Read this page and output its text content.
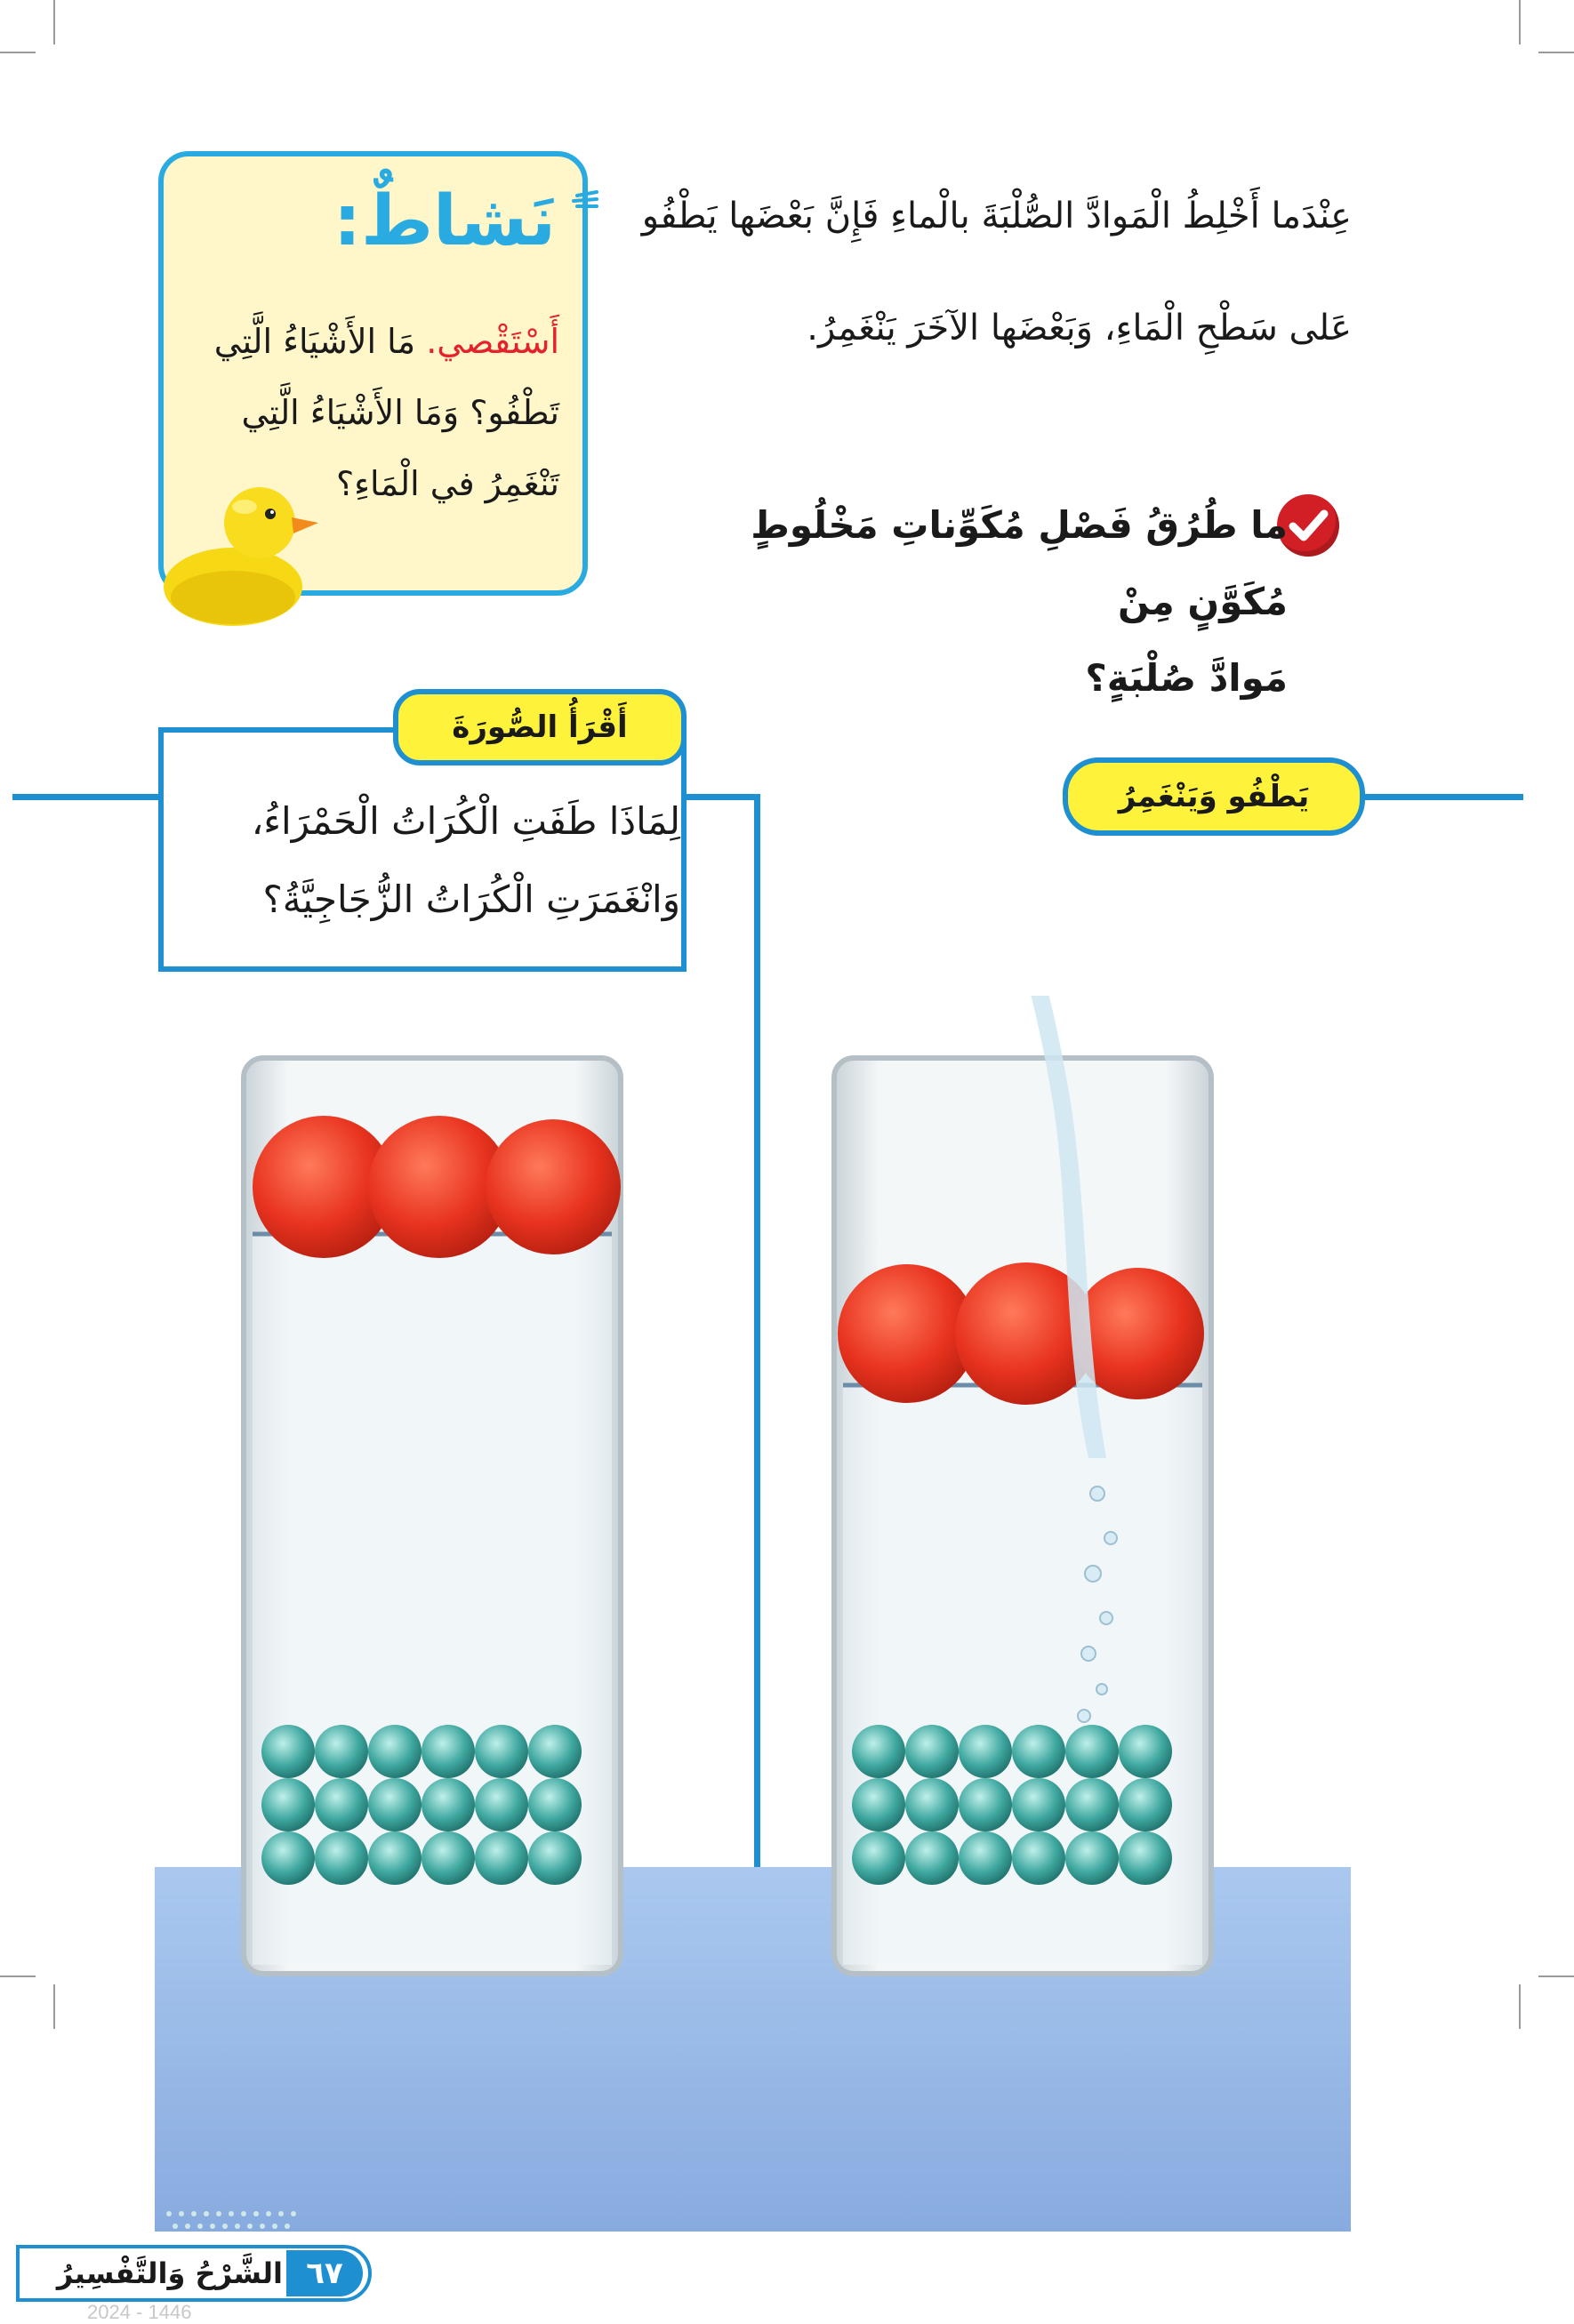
عِنْدَما أَخْلِطُ الْمَوادَّ الصُّلْبَةَ بالْماءِ فَإِنَّ بَعْضَها يَطْفُو
عَلى سَطْحِ الْمَاءِ، وَبَعْضَها الآخَرَ يَنْغَمِرُ.
ما طُرُقُ فَصْلِ مُكَوِّناتِ مَخْلُوطٍ مُكَوَّنٍ مِنْ
مَوادَّ صُلْبَةٍ؟
نَشاطٌ:
أَسْتَقْصي. مَا الأَشْيَاءُ الَّتِي
تَطْفُو؟ وَمَا الأَشْيَاءُ الَّتِي
تَنْغَمِرُ في الْمَاءِ؟
أَقْرَأُ الصُّورَةَ
لِمَاذَا طَفَتِ الْكُرَاتُ الْحَمْرَاءُ،
وَانْغَمَرَتِ الْكُرَاتُ الزُّجَاجِيَّةُ؟
يَطْفُو وَيَنْغَمِرُ
الشَّرْحُ وَالتَّفْسِيرُ ٦٧
2024 - 1446
